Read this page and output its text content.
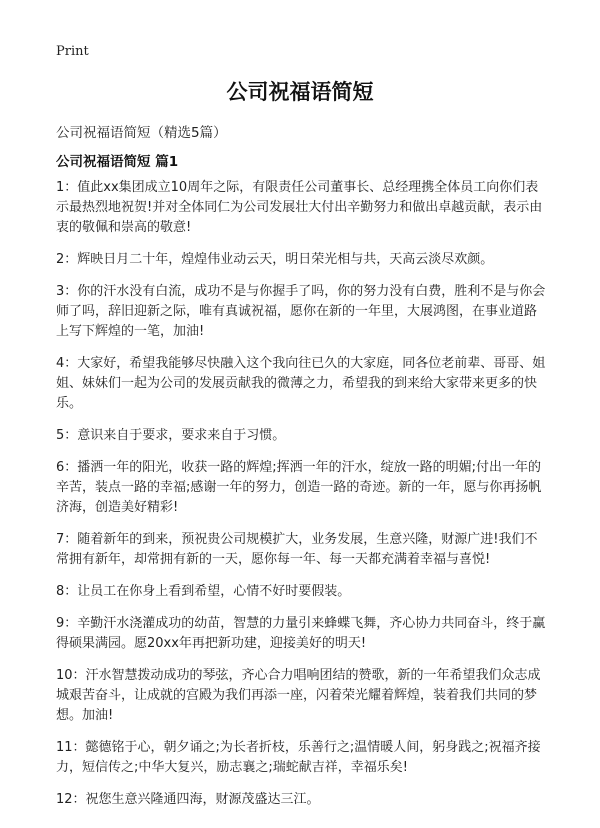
Print
公司祝福语简短

公司祝福语简短（精选5篇）

公司祝福语简短 篇1
1：值此xx集团成立10周年之际，有限责任公司董事长、总经理携全体员工向你们表示最热烈地祝贺!并对全体同仁为公司发展壮大付出辛勤努力和做出卓越贡献，表示由衷的敬佩和崇高的敬意!
2：辉映日月二十年，煌煌伟业动云天，明日荣光相与共，天高云淡尽欢颜。
3：你的汗水没有白流，成功不是与你握手了吗，你的努力没有白费，胜利不是与你会师了吗，辞旧迎新之际，唯有真诚祝福，愿你在新的一年里，大展鸿图，在事业道路上写下辉煌的一笔，加油!
4：大家好，希望我能够尽快融入这个我向往已久的大家庭，同各位老前辈、哥哥、姐姐、妹妹们一起为公司的发展贡献我的微薄之力，希望我的到来给大家带来更多的快乐。
5：意识来自于要求，要求来自于习惯。
6：播洒一年的阳光，收获一路的辉煌;挥洒一年的汗水，绽放一路的明媚;付出一年的辛苦，装点一路的幸福;感谢一年的努力，创造一路的奇迹。新的一年，愿与你再扬帆济海，创造美好精彩!
7：随着新年的到来，预祝贵公司规模扩大，业务发展，生意兴隆，财源广进!我们不常拥有新年，却常拥有新的一天，愿你每一年、每一天都充满着幸福与喜悦!
8：让员工在你身上看到希望，心情不好时要假装。
9：辛勤汗水浇灌成功的幼苗，智慧的力量引来蜂蝶飞舞，齐心协力共同奋斗，终于赢得硕果满园。愿20xx年再把新功建，迎接美好的明天!
10：汗水智慧拨动成功的琴弦，齐心合力唱响团结的赞歌，新的一年希望我们众志成城艰苦奋斗，让成就的宫殿为我们再添一座，闪着荣光耀着辉煌，装着我们共同的梦想。加油!
11：懿德铭于心，朝夕诵之;为长者折枝，乐善行之;温情暖人间，躬身践之;祝福齐接力，短信传之;中华大复兴，励志襄之;瑞蛇献吉祥，幸福乐矣!
12：祝您生意兴隆通四海，财源茂盛达三江。
